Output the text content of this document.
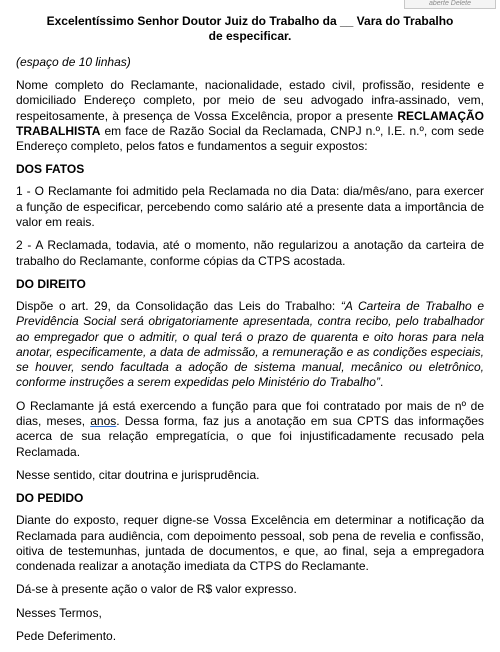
aberte Delete
Excelentíssimo Senhor Doutor Juiz do Trabalho da __ Vara do Trabalho
de especificar.
(espaço de 10 linhas)

Nome completo do Reclamante, nacionalidade, estado civil, profissão, residente e domiciliado Endereço completo, por meio de seu advogado infra-assinado, vem, respeitosamente, à presença de Vossa Excelência, propor a presente RECLAMAÇÃO TRABALHISTA em face de Razão Social da Reclamada, CNPJ n.º, I.E. n.º, com sede Endereço completo, pelos fatos e fundamentos a seguir expostos:

DOS FATOS

1 - O Reclamante foi admitido pela Reclamada no dia Data: dia/mês/ano, para exercer a função de especificar, percebendo como salário até a presente data a importância de valor em reais.

2 - A Reclamada, todavia, até o momento, não regularizou a anotação da carteira de trabalho do Reclamante, conforme cópias da CTPS acostada.

DO DIREITO

Dispõe o art. 29, da Consolidação das Leis do Trabalho: “A Carteira de Trabalho e Previdência Social será obrigatoriamente apresentada, contra recibo, pelo trabalhador ao empregador que o admitir, o qual terá o prazo de quarenta e oito horas para nela anotar, especificamente, a data de admissão, a remuneração e as condições especiais, se houver, sendo facultada a adoção de sistema manual, mecânico ou eletrônico, conforme instruções a serem expedidas pelo Ministério do Trabalho”.

O Reclamante já está exercendo a função para que foi contratado por mais de nº de dias, meses, anos. Dessa forma, faz jus a anotação em sua CPTS das informações acerca de sua relação empregatícia, o que foi injustificadamente recusado pela Reclamada.

Nesse sentido, citar doutrina e jurisprudência.

DO PEDIDO

Diante do exposto, requer digne-se Vossa Excelência em determinar a notificação da Reclamada para audiência, com depoimento pessoal, sob pena de revelia e confissão, oitiva de testemunhas, juntada de documentos, e que, ao final, seja a empregadora condenada realizar a anotação imediata da CTPS do Reclamante.

Dá-se à presente ação o valor de R$ valor expresso.

Nesses Termos,

Pede Deferimento.
